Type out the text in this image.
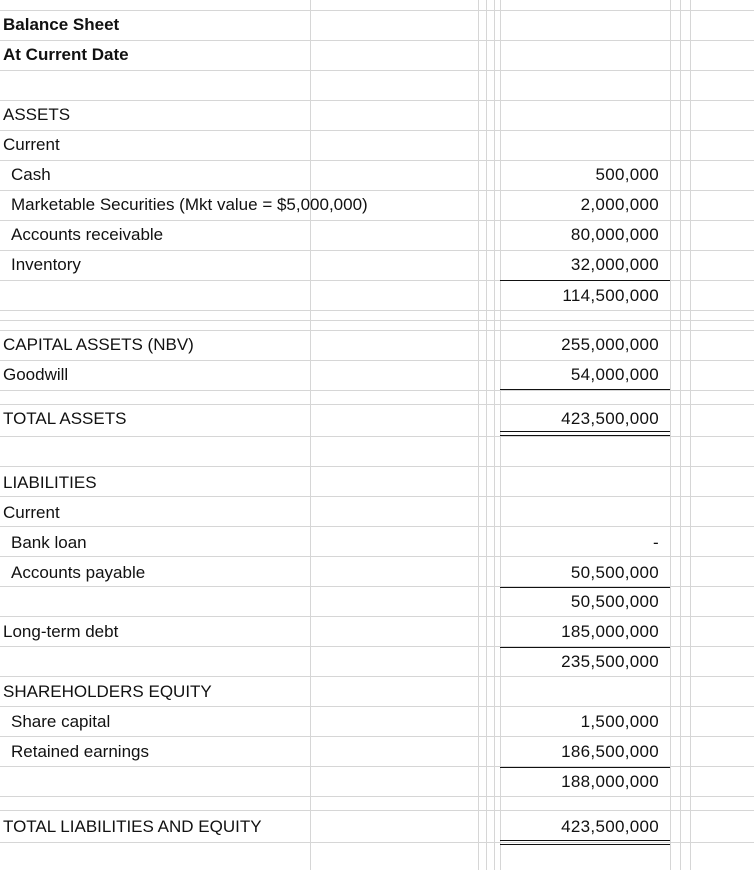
Balance Sheet
At Current Date
ASSETS
Current
Cash	500,000
Marketable Securities (Mkt value = $5,000,000)	2,000,000
Accounts receivable	80,000,000
Inventory	32,000,000
114,500,000
CAPITAL ASSETS (NBV)	255,000,000
Goodwill	54,000,000
TOTAL ASSETS	423,500,000
LIABILITIES
Current
Bank loan	-
Accounts payable	50,500,000
50,500,000
Long-term debt	185,000,000
235,500,000
SHAREHOLDERS EQUITY
Share capital	1,500,000
Retained earnings	186,500,000
188,000,000
TOTAL LIABILITIES AND EQUITY	423,500,000
